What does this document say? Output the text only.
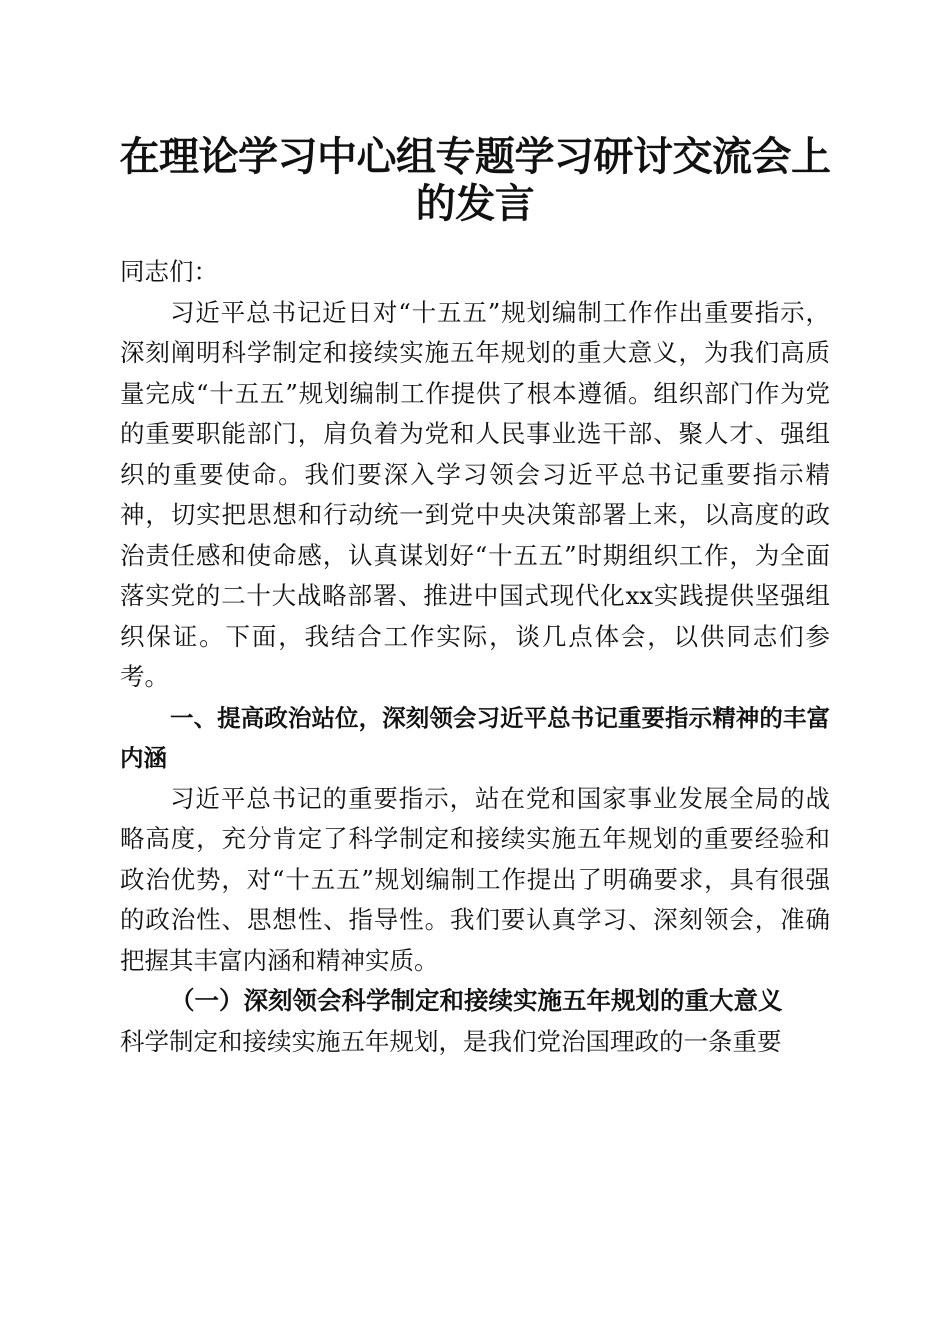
在理论学习中心组专题学习研讨交流会上的发言

同志们：

习近平总书记近日对“十五五”规划编制工作作出重要指示，深刻阐明科学制定和接续实施五年规划的重大意义，为我们高质量完成“十五五”规划编制工作提供了根本遵循。组织部门作为党的重要职能部门，肩负着为党和人民事业选干部、聚人才、强组织的重要使命。我们要深入学习领会习近平总书记重要指示精神，切实把思想和行动统一到党中央决策部署上来，以高度的政治责任感和使命感，认真谋划好“十五五”时期组织工作，为全面落实党的二十大战略部署、推进中国式现代化xx实践提供坚强组织保证。下面，我结合工作实际，谈几点体会，以供同志们参考。

一、提高政治站位，深刻领会习近平总书记重要指示精神的丰富内涵

习近平总书记的重要指示，站在党和国家事业发展全局的战略高度，充分肯定了科学制定和接续实施五年规划的重要经验和政治优势，对“十五五”规划编制工作提出了明确要求，具有很强的政治性、思想性、指导性。我们要认真学习、深刻领会，准确把握其丰富内涵和精神实质。

（一）深刻领会科学制定和接续实施五年规划的重大意义

科学制定和接续实施五年规划，是我们党治国理政的一条重要
